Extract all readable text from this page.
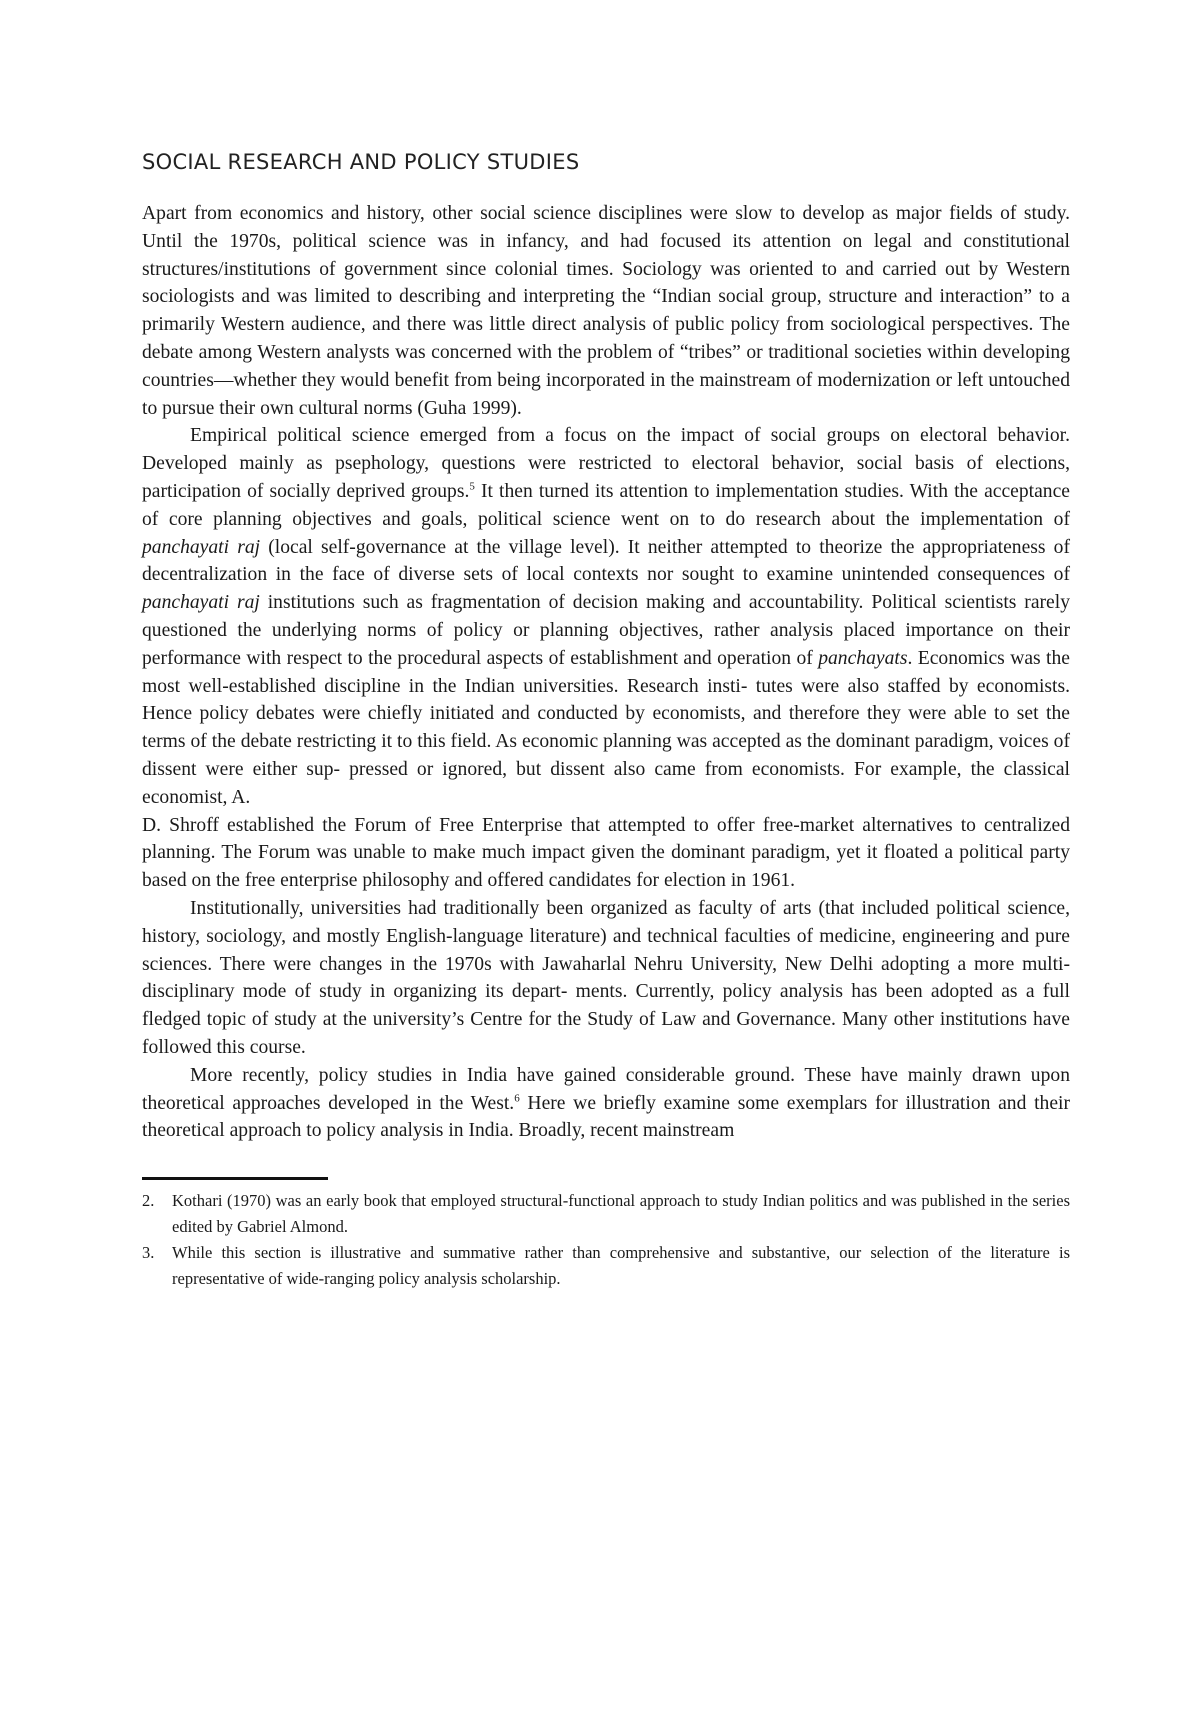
SOCIAL RESEARCH AND POLICY STUDIES

Apart from economics and history, other social science disciplines were slow to develop as major fields of study. Until the 1970s, political science was in infancy, and had focused its attention on legal and constitutional structures/institutions of government since colonial times. Sociology was oriented to and carried out by Western sociologists and was limited to describing and interpreting the “Indian social group, structure and interaction” to a primarily Western audience, and there was little direct analysis of public policy from sociological perspectives. The debate among Western analysts was concerned with the problem of “tribes” or traditional societies within developing countries—whether they would benefit from being incorporated in the mainstream of modernization or left untouched to pursue their own cultural norms (Guha 1999).

Empirical political science emerged from a focus on the impact of social groups on electoral behavior. Developed mainly as psephology, questions were restricted to electoral behavior, social basis of elections, participation of socially deprived groups.$^5$ It then turned its attention to implementation studies. With the acceptance of core planning objectives and goals, political science went on to do research about the implementation of panchayati raj (local self-governance at the village level). It neither attempted to theorize the appropriateness of decentralization in the face of diverse sets of local contexts nor sought to examine unintended consequences of panchayati raj institutions such as fragmentation of decision making and accountability. Political scientists rarely questioned the underlying norms of policy or planning objectives, rather analysis placed importance on their performance with respect to the procedural aspects of establishment and operation of panchayats. Economics was the most well-established discipline in the Indian universities. Research insti- tutes were also staffed by economists. Hence policy debates were chiefly initiated and conducted by economists, and therefore they were able to set the terms of the debate restricting it to this field. As economic planning was accepted as the dominant paradigm, voices of dissent were either sup- pressed or ignored, but dissent also came from economists. For example, the classical economist, A.

D. Shroff established the Forum of Free Enterprise that attempted to offer free-market alternatives to centralized planning. The Forum was unable to make much impact given the dominant paradigm, yet it floated a political party based on the free enterprise philosophy and offered candidates for election in 1961.

Institutionally, universities had traditionally been organized as faculty of arts (that included political science, history, sociology, and mostly English-language literature) and technical faculties of medicine, engineering and pure sciences. There were changes in the 1970s with Jawaharlal Nehru University, New Delhi adopting a more multi-disciplinary mode of study in organizing its depart- ments. Currently, policy analysis has been adopted as a full fledged topic of study at the university’s Centre for the Study of Law and Governance. Many other institutions have followed this course.

More recently, policy studies in India have gained considerable ground. These have mainly drawn upon theoretical approaches developed in the West.$^6$ Here we briefly examine some exemplars for illustration and their theoretical approach to policy analysis in India. Broadly, recent mainstream

2. Kothari (1970) was an early book that employed structural-functional approach to study Indian politics and was published in the series edited by Gabriel Almond.

3. While this section is illustrative and summative rather than comprehensive and substantive, our selection of the literature is representative of wide-ranging policy analysis scholarship.
